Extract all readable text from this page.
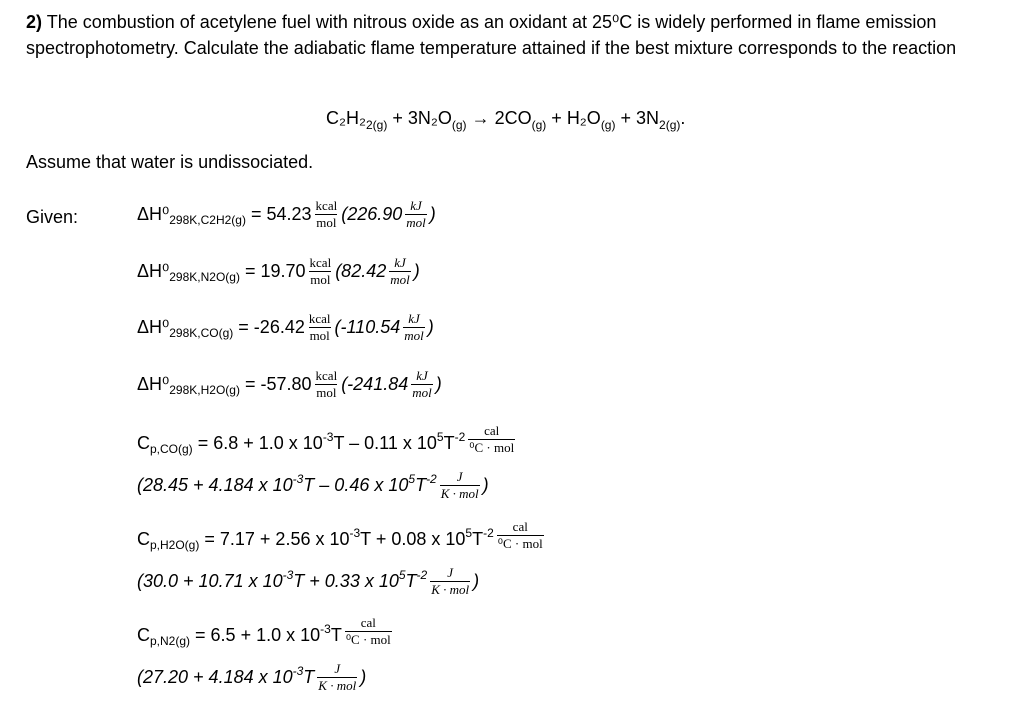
2) The combustion of acetylene fuel with nitrous oxide as an oxidant at 25⁰C is widely performed in flame emission spectrophotometry. Calculate the adiabatic flame temperature attained if the best mixture corresponds to the reaction
$C_2H_2_{2(g)} + 3N_2O_{(g)} \to 2CO_{(g)} + H_2O_{(g)} + 3N_{2(g)}$.
Assume that water is undissociated.
Given:	ΔH⁰ 298K,C2H2(g)
= $54.23 \frac{\text{kcal}}{\text{mol}} (226.90 \frac{kJ}{\text{mol}}$ )
ΔH⁰ 298K,N2O(g)
= $19.70 \frac{\text{kcal}}{\text{mol}} (82.42 \frac{kJ}{\text{mol}}$ )
ΔH⁰ 298K,CO(g)
= $-26.42 \frac{\text{kcal}}{\text{mol}} (-110.54 \frac{kJ}{\text{mol}}$ )
ΔH⁰ 298K,H2O(g)
= $-57.80 \frac{\text{kcal}}{\text{mol}} (-241.84 \frac{kJ}{\text{mol}}$ )
C p,CO(g)
= 6.8 + 1.0 x 10 -3 T – 0.11 x 10 5 T $-2 \frac{\text{cal}}{\text{⁰C · mol}}$
(28.45 + 4.184 x 10 -3 T – 0.46 x 10 5 T $-2 \frac{J}{\text{K · mol}}$ )
C p,H2O(g)
= 7.17 + 2.56 x 10 -3 T + 0.08 x 10 5 T $-2 \frac{\text{cal}}{\text{⁰C · mol}}$
(30.0 + 10.71 x 10 -3 T + 0.33 x 10 5 T $-2 \frac{J}{\text{K · mol}}$ )
C p,N2(g)
= 6.5 + 1.0 x 10 -3 T $\frac{\text{cal}}{\text{⁰C · mol}}$
(27.20 + 4.184 x 10 -3 T $\frac{J}{\text{K · mol}}$ )
